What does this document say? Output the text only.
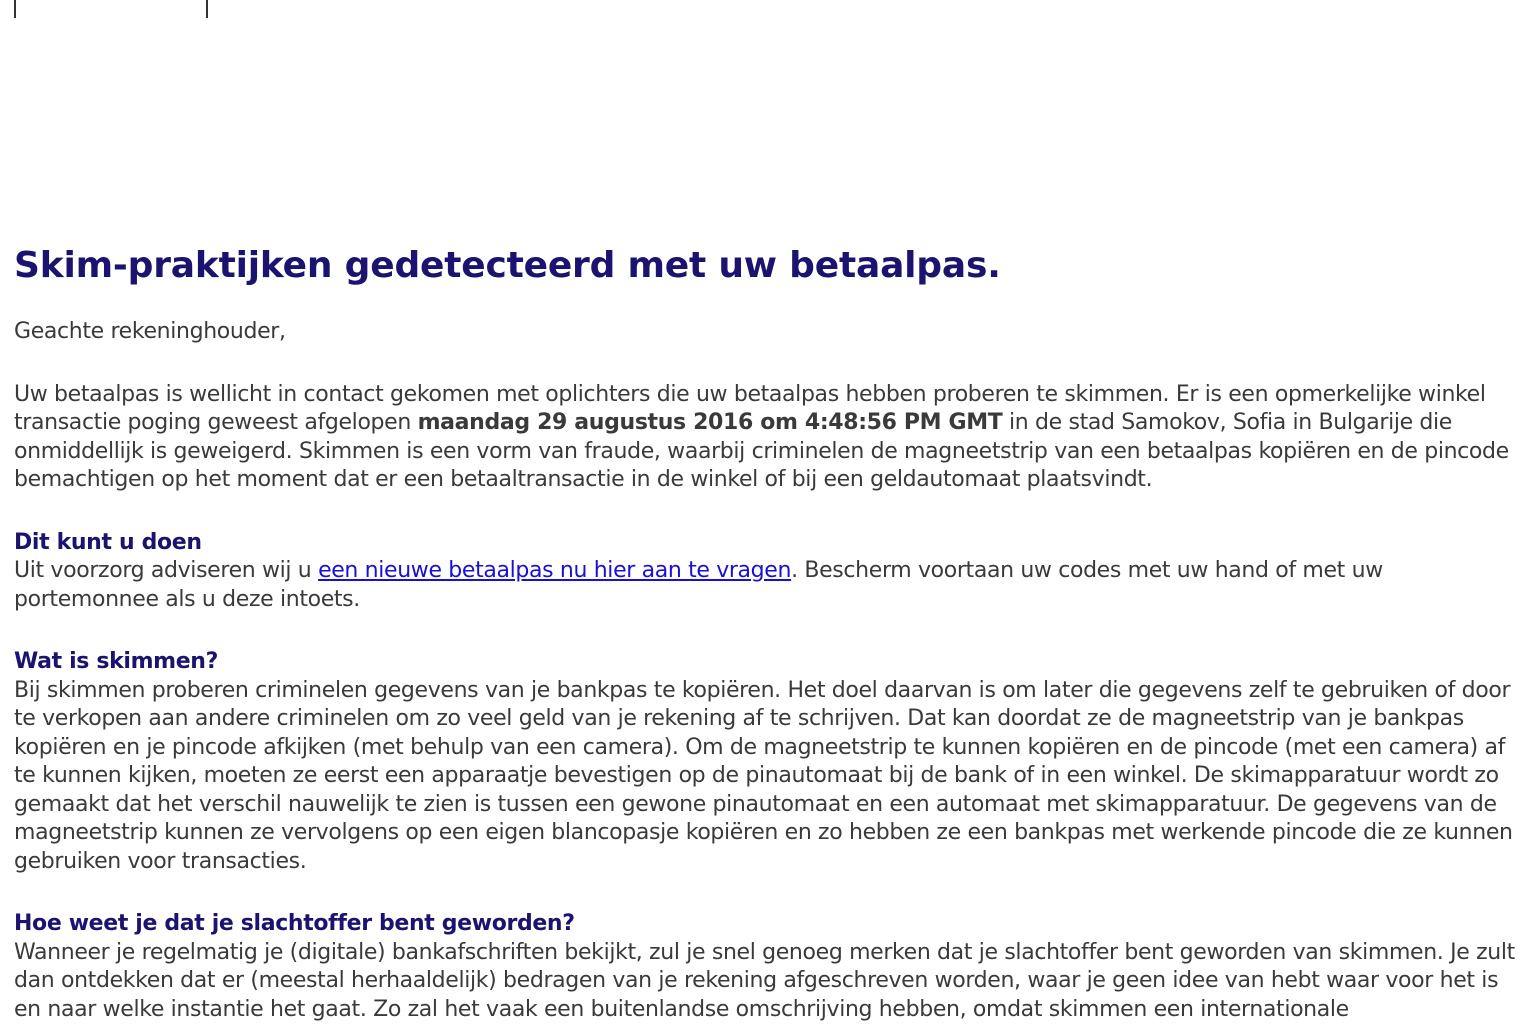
Skim-praktijken gedetecteerd met uw betaalpas.
Geachte rekeninghouder,
Uw betaalpas is wellicht in contact gekomen met oplichters die uw betaalpas hebben proberen te skimmen. Er is een opmerkelijke winkel transactie poging geweest afgelopen maandag 29 augustus 2016 om 4:48:56 PM GMT in de stad Samokov, Sofia in Bulgarije die onmiddellijk is geweigerd. Skimmen is een vorm van fraude, waarbij criminelen de magneetstrip van een betaalpas kopiëren en de pincode bemachtigen op het moment dat er een betaaltransactie in de winkel of bij een geldautomaat plaatsvindt.
Dit kunt u doen
Uit voorzorg adviseren wij u een nieuwe betaalpas nu hier aan te vragen. Bescherm voortaan uw codes met uw hand of met uw portemonnee als u deze intoets.
Wat is skimmen?
Bij skimmen proberen criminelen gegevens van je bankpas te kopiëren. Het doel daarvan is om later die gegevens zelf te gebruiken of door te verkopen aan andere criminelen om zo veel geld van je rekening af te schrijven. Dat kan doordat ze de magneetstrip van je bankpas kopiëren en je pincode afkijken (met behulp van een camera). Om de magneetstrip te kunnen kopiëren en de pincode (met een camera) af te kunnen kijken, moeten ze eerst een apparaatje bevestigen op de pinautomaat bij de bank of in een winkel. De skimapparatuur wordt zo gemaakt dat het verschil nauwelijk te zien is tussen een gewone pinautomaat en een automaat met skimapparatuur. De gegevens van de magneetstrip kunnen ze vervolgens op een eigen blancopasje kopiëren en zo hebben ze een bankpas met werkende pincode die ze kunnen gebruiken voor transacties.
Hoe weet je dat je slachtoffer bent geworden?
Wanneer je regelmatig je (digitale) bankafschriften bekijkt, zul je snel genoeg merken dat je slachtoffer bent geworden van skimmen. Je zult dan ontdekken dat er (meestal herhaaldelijk) bedragen van je rekening afgeschreven worden, waar je geen idee van hebt waar voor het is en naar welke instantie het gaat. Zo zal het vaak een buitenlandse omschrijving hebben, omdat skimmen een internationale
